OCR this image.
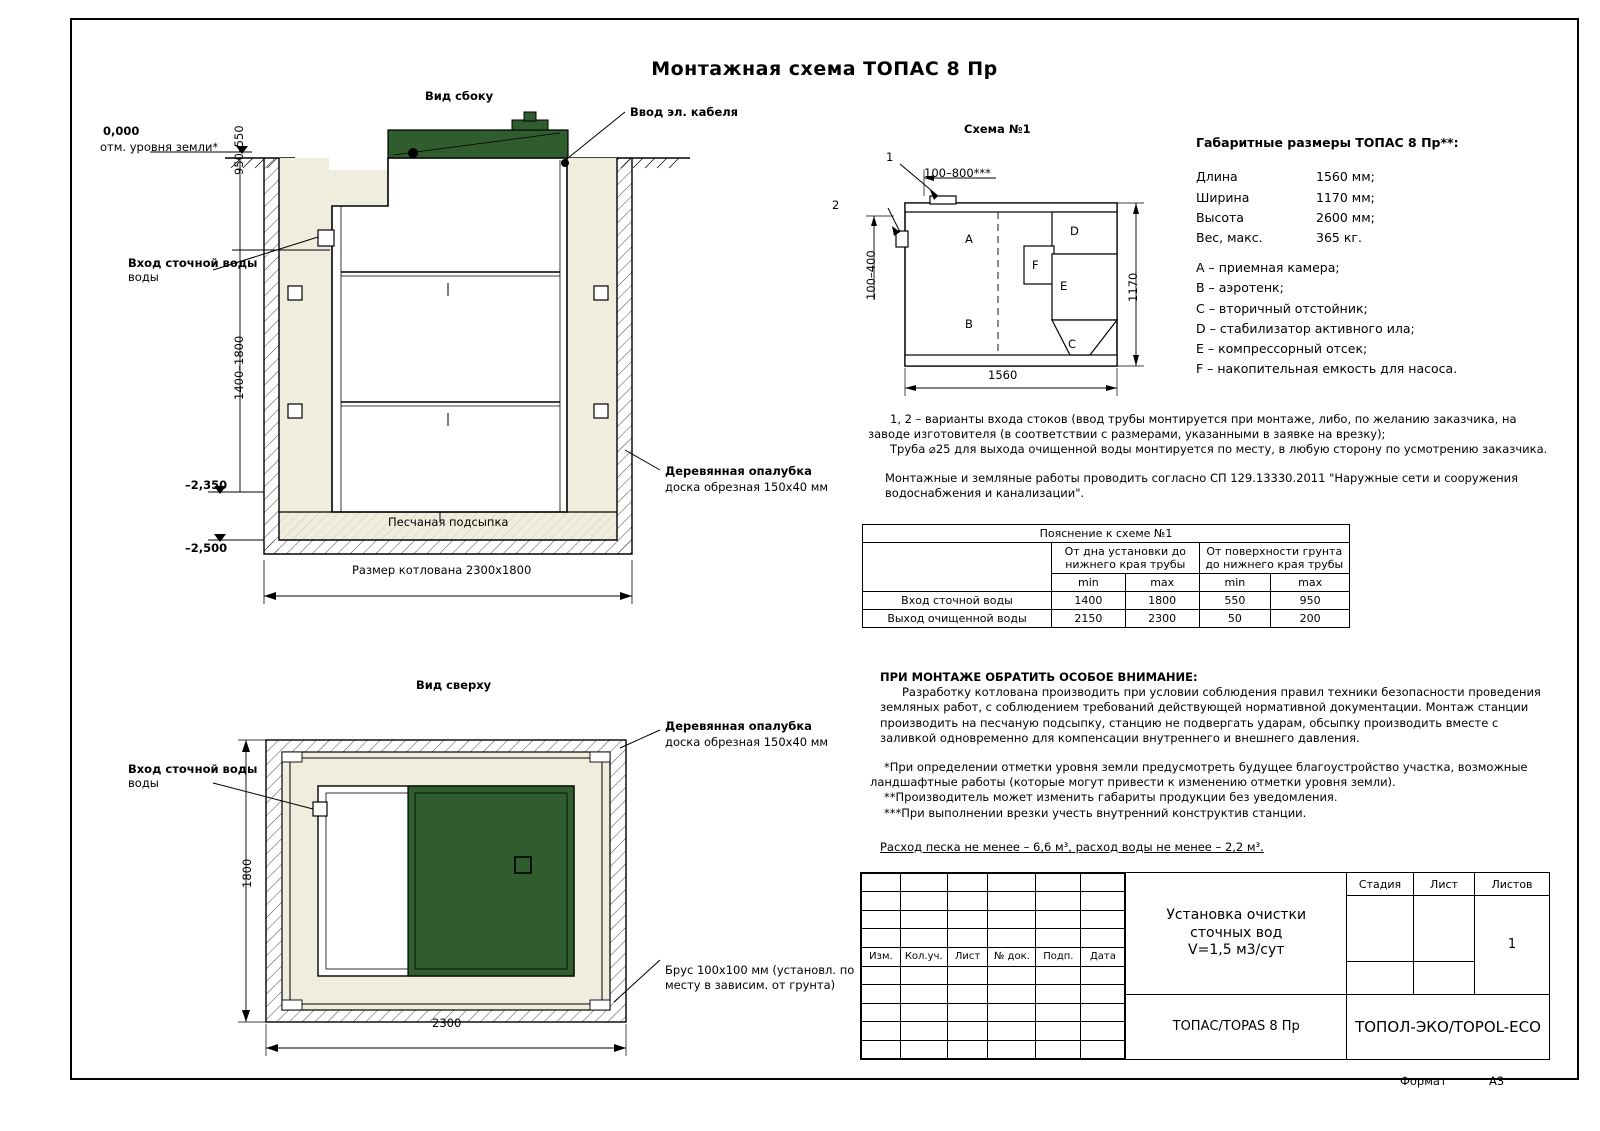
Монтажная схема ТОПАС 8 Пр
Вид сбоку
0,000
отм. уровня земли*
Ввод эл. кабеля
Вход сточной воды
воды
950–550
1400–1800
–2,350
–2,500
Деревянная опалубка
доска обрезная 150х40 мм
Песчаная подсыпка
Размер котлована 2300х1800
Вид сверху
Вход сточной воды
воды
Деревянная опалубка
доска обрезная 150х40 мм
Брус 100х100 мм (установл. по
месту в зависим. от грунта)
1800
2300
Схема №1
1
2
100–800***
100–400	1170
1560
A
B
C
D
E
F
Габаритные размеры ТОПАС 8 Пр**:
Длина	1560 мм;
Ширина	1170 мм;
Высота	2600 мм;
Вес, макс.	365 кг.
A – приемная камера;
B – аэротенк;
C – вторичный отстойник;
D – стабилизатор активного ила;
E – компрессорный отсек;
F – накопительная емкость для насоса.
1, 2 – варианты входа стоков (ввод трубы монтируется при монтаже, либо, по желанию заказчика, на заводе изготовителя (в соответствии с размерами, указанными в заявке на врезку);
Труба ⌀25 для выхода очищенной воды монтируется по месту, в любую сторону по усмотрению заказчика.
Монтажные и земляные работы проводить согласно СП 129.13330.2011 "Наружные сети и сооружения водоснабжения и канализации".
Пояснение к схеме №1				
	От дна установки до нижнего края трубы		От поверхности грунта до нижнего края трубы	
	min	max	min	max
Вход сточной воды	1400	1800	550	950
Выход очищенной воды	2150	2300	50	200
ПРИ МОНТАЖЕ ОБРАТИТЬ ОСОБОЕ ВНИМАНИЕ:
Разработку котлована производить при условии соблюдения правил техники безопасности проведения земляных работ, с соблюдением требований действующей нормативной документации. Монтаж станции производить на песчаную подсыпку, станцию не подвергать ударам, обсыпку производить вместе с заливкой одновременно для компенсации внутреннего и внешнего давления.
*При определении отметки уровня земли предусмотреть будущее благоустройство участка, возможные ландшафтные работы (которые могут привести к изменению отметки уровня земли).
**Производитель может изменить габариты продукции без уведомления.
***При выполнении врезки учесть внутренний конструктив станции.
Расход песка не менее – 6,6 м³, расход воды не менее – 2,2 м³.

Изм.	Кол.уч.	Лист	№ док.	Подп.	Дата

Установка очистки
сточных вод
V=1,5 м3/сут
	Стадия	Лист	Листов
		1

ТОПАС/TOPAS 8 Пр	ТОПОЛ-ЭКО/TOPOL-ECO

Формат	А3
